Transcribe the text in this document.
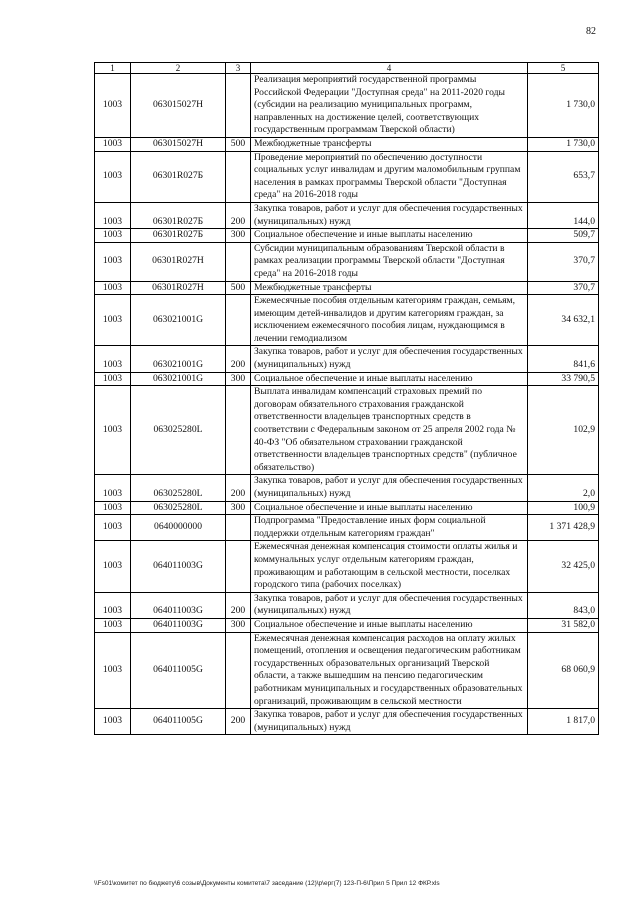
82
1	2	3	4	5
1003	063015027Н		Реализация мероприятий государственной программы Российской Федерации "Доступная среда" на 2011-2020 годы (субсидии на реализацию муниципальных программ, направленных на достижение целей, соответствующих государственным программам Тверской области)	1 730,0
1003	063015027Н	500	Межбюджетные трансферты	1 730,0
1003	06301R027Б		Проведение мероприятий по обеспечению доступности социальных услуг инвалидам и другим маломобильным группам населения в рамках программы Тверской области "Доступная среда" на 2016-2018 годы	653,7
1003	06301R027Б	200	Закупка товаров, работ и услуг для обеспечения государственных (муниципальных) нужд	144,0
1003	06301R027Б	300	Социальное обеспечение и иные выплаты населению	509,7
1003	06301R027Н		Субсидии муниципальным образованиям Тверской области в рамках реализации программы Тверской области "Доступная среда" на 2016-2018 годы	370,7
1003	06301R027Н	500	Межбюджетные трансферты	370,7
1003	063021001G		Ежемесячные пособия отдельным категориям граждан, семьям, имеющим детей-инвалидов и другим категориям граждан, за исключением ежемесячного пособия лицам, нуждающимся в лечении гемодиализом	34 632,1
1003	063021001G	200	Закупка товаров, работ и услуг для обеспечения государственных (муниципальных) нужд	841,6
1003	063021001G	300	Социальное обеспечение и иные выплаты населению	33 790,5
1003	063025280L		Выплата инвалидам компенсаций страховых премий по договорам обязательного страхования гражданской ответственности владельцев транспортных средств в соответствии с Федеральным законом от 25 апреля 2002 года № 40-ФЗ "Об обязательном страховании гражданской ответственности владельцев транспортных средств" (публичное обязательство)	102,9
1003	063025280L	200	Закупка товаров, работ и услуг для обеспечения государственных (муниципальных) нужд	2,0
1003	063025280L	300	Социальное обеспечение и иные выплаты населению	100,9
1003	0640000000		Подпрограмма "Предоставление иных форм социальной поддержки отдельным категориям граждан"	1 371 428,9
1003	064011003G		Ежемесячная денежная компенсация стоимости оплаты жилья и коммунальных услуг отдельным категориям граждан, проживающим и работающим в сельской местности, поселках городского типа (рабочих поселках)	32 425,0
1003	064011003G	200	Закупка товаров, работ и услуг для обеспечения государственных (муниципальных) нужд	843,0
1003	064011003G	300	Социальное обеспечение и иные выплаты населению	31 582,0
1003	064011005G		Ежемесячная денежная компенсация расходов на оплату жилых помещений, отопления и освещения педагогическим работникам государственных образовательных организаций Тверской области, а также вышедшим на пенсию педагогическим работникам муниципальных и государственных образовательных организаций, проживающим в сельской местности	68 060,9
1003	064011005G	200	Закупка товаров, работ и услуг для обеспечения государственных (муниципальных) нужд	1 817,0
\\Fs01\комитет по бюджету\6 созыв\Документы комитета\7 заседание (12)\р\ерг(7) 123-П-6\Прил 5 Прил 12 ФКР.xls
